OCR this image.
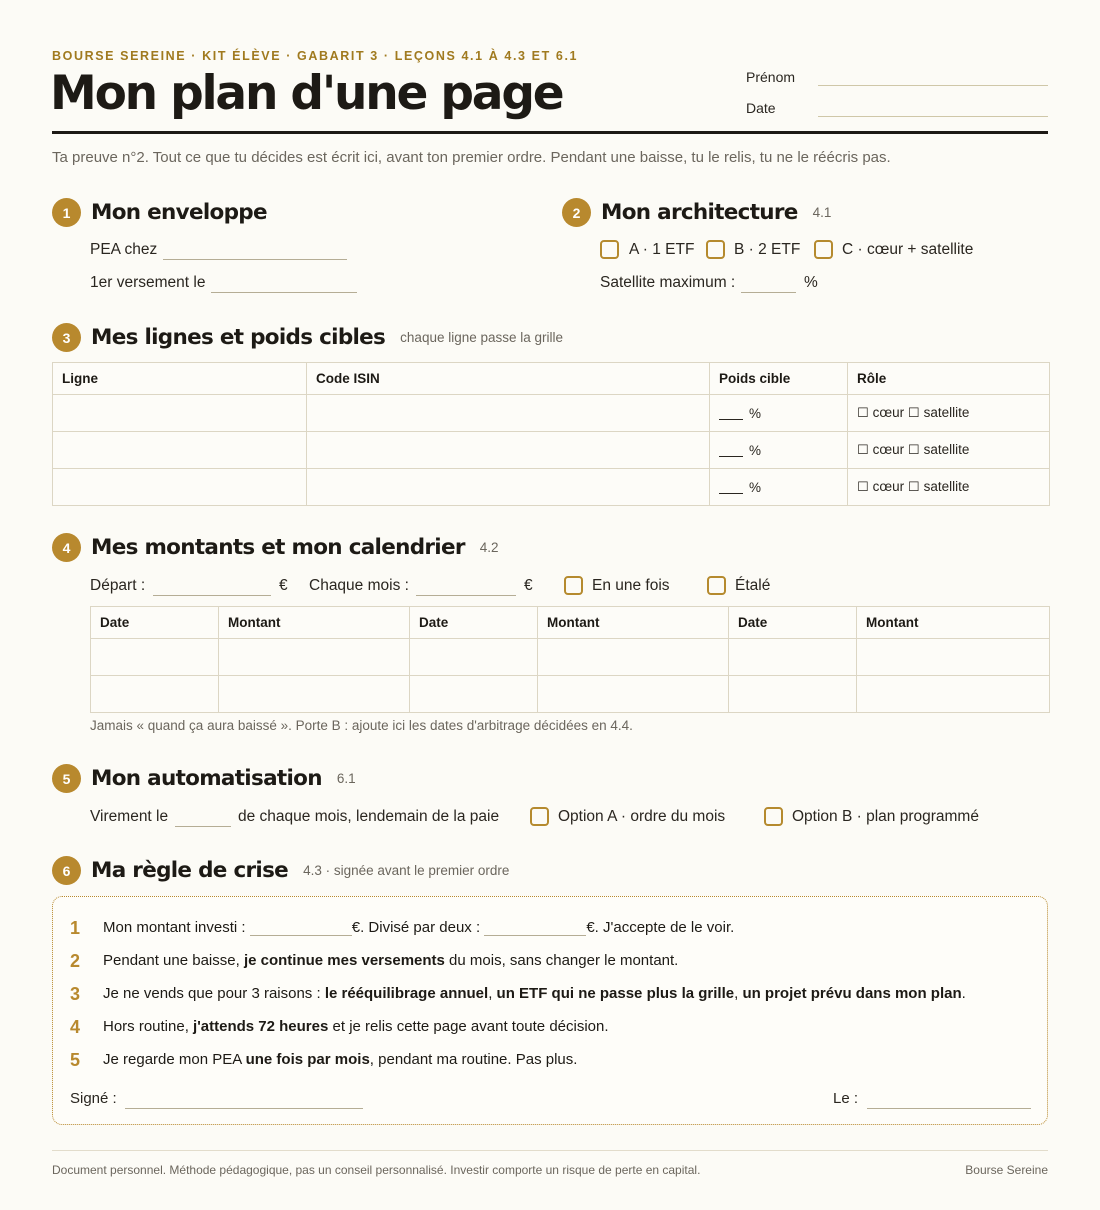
BOURSE SEREINE · KIT ÉLÈVE · GABARIT 3 · LEÇONS 4.1 À 4.3 ET 6.1
Mon plan d'une page	Prénom
Date
Ta preuve n°2. Tout ce que tu décides est écrit ici, avant ton premier ordre. Pendant une baisse, tu le relis, tu ne le réécris pas.
1 Mon enveloppe
PEA chez
1er versement le
2 Mon architecture 4.1
A · 1 ETF	B · 2 ETF	C · cœur + satellite
Satellite maximum :	%
3 Mes lignes et poids cibles chaque ligne passe la grille
Ligne	Code ISIN	Poids cible	Rôle
		%	☐ cœur ☐ satellite
		%	☐ cœur ☐ satellite
		%	☐ cœur ☐ satellite
4 Mes montants et mon calendrier 4.2
Départ :	€ Chaque mois :	€	En une fois	Étalé
Date	Montant	Date	Montant	Date	Montant

Jamais « quand ça aura baissé ». Porte B : ajoute ici les dates d'arbitrage décidées en 4.4.
5 Mon automatisation 6.1
Virement le	de chaque mois, lendemain de la paie	Option A · ordre du mois	Option B · plan programmé
6 Ma règle de crise 4.3 · signée avant le premier ordre
1 Mon montant investi :	€. Divisé par deux :	€. J'accepte de le voir.
2 Pendant une baisse, je continue mes versements du mois, sans changer le montant.
3 Je ne vends que pour 3 raisons : le rééquilibrage annuel, un ETF qui ne passe plus la grille, un projet prévu dans mon plan.
4 Hors routine, j'attends 72 heures et je relis cette page avant toute décision.
5 Je regarde mon PEA une fois par mois, pendant ma routine. Pas plus.
Signé :	Le :
Document personnel. Méthode pédagogique, pas un conseil personnalisé. Investir comporte un risque de perte en capital.	Bourse Sereine
